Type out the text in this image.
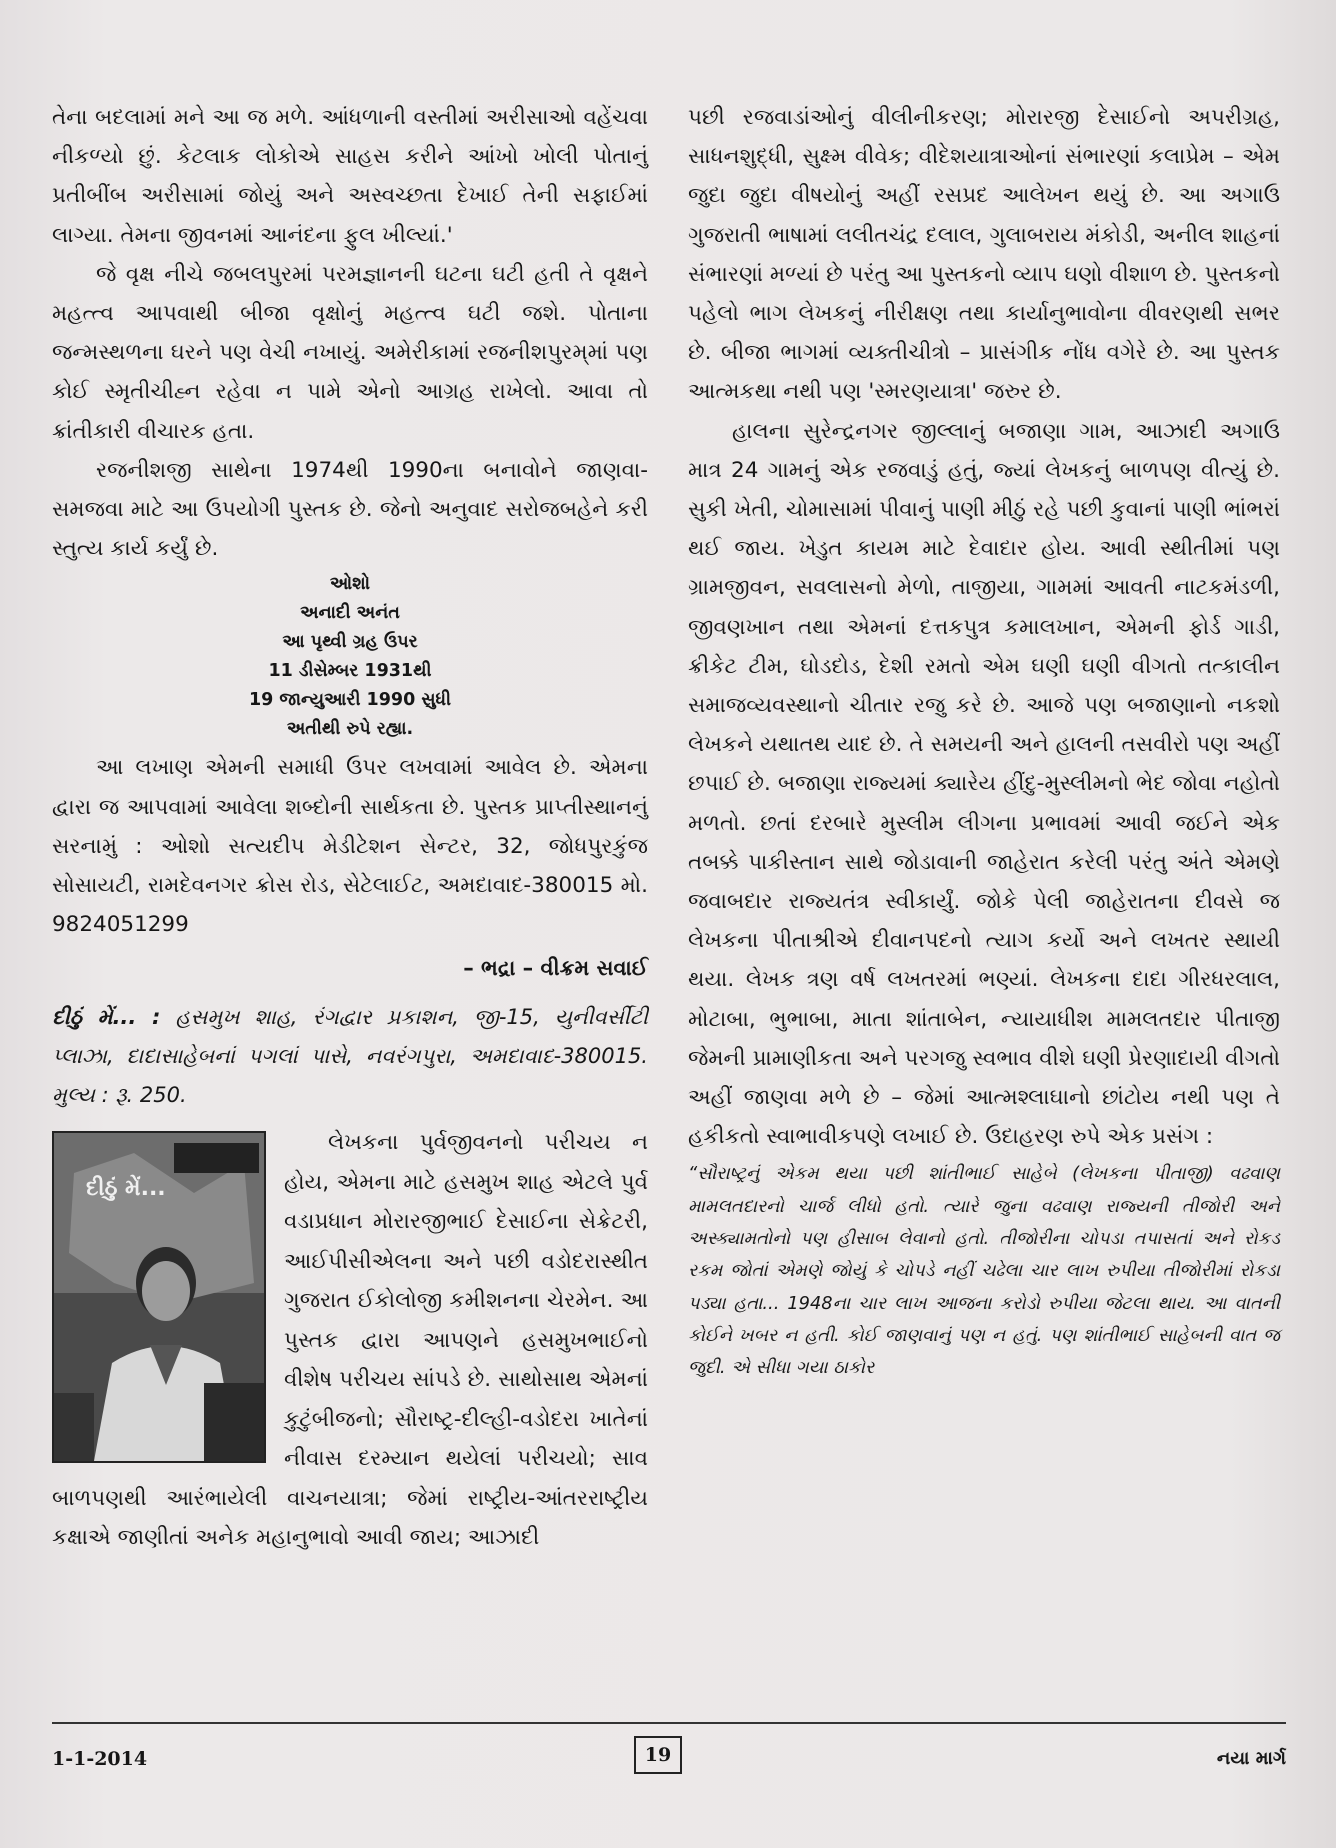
તેના બદલામાં મને આ જ મળે. આંધળાની વસ્તીમાં અરીસાઓ વહેંચવા નીકળ્યો છું. કેટલાક લોકોએ સાહસ કરીને આંખો ખોલી પોતાનું પ્રતીબીંબ અરીસામાં જોયું અને અસ્વચ્છતા દેખાઈ તેની સફાઈમાં લાગ્યા. તેમના જીવનમાં આનંદના ફુલ ખીલ્યાં.'

જે વૃક્ષ નીચે જબલપુરમાં પરમજ્ઞાનની ઘટના ઘટી હતી તે વૃક્ષને મહત્ત્વ આપવાથી બીજા વૃક્ષોનું મહત્ત્વ ઘટી જશે. પોતાના જન્મસ્થળના ઘરને પણ વેચી નખાયું. અમેરીકામાં રજનીશપુરમ્‌માં પણ કોઈ સ્મૃતીચીહ્ન રહેવા ન પામે એનો આગ્રહ રાખેલો. આવા તો ક્રાંતીકારી વીચારક હતા.

રજનીશજી સાથેના 1974થી 1990ના બનાવોને જાણવા-સમજવા માટે આ ઉપયોગી પુસ્તક છે. જેનો અનુવાદ સરોજબહેને કરી સ્તુત્ય કાર્ય કર્યું છે.

ઓશો
અનાદી અનંત
આ પૃથ્વી ગ્રહ ઉપર
11 ડીસેમ્બર 1931થી
19 જાન્યુઆરી 1990 સુધી
અતીથી રુપે રહ્યા.

આ લખાણ એમની સમાધી ઉપર લખવામાં આવેલ છે. એમના દ્વારા જ આપવામાં આવેલા શબ્દોની સાર્થકતા છે. પુસ્તક પ્રાપ્તીસ્થાનનું સરનામું : ઓશો સત્યદીપ મેડીટેશન સેન્ટર, 32, જોધપુરકુંજ સોસાયટી, રામદેવનગર ક્રોસ રોડ, સેટેલાઈટ, અમદાવાદ-380015 મો. 9824051299

– ભદ્રા – વીક્રમ સવાઈ
દીઠું મેં... : હસમુખ શાહ, રંગદ્વાર પ્રકાશન, જી-15, યુનીવર્સીટી પ્લાઝા, દાદાસાહેબનાં પગલાં પાસે, નવરંગપુરા, અમદાવાદ-380015. મુલ્ય : રૂ. 250.
દીઠું મેં...

લેખકના પુર્વજીવનનો પરીચય ન હોય, એમના માટે હસમુખ શાહ એટલે પુર્વ વડાપ્રધાન મોરારજીભાઈ દેસાઈના સેક્રેટરી, આઈપીસીએલના અને પછી વડોદરાસ્થીત ગુજરાત ઈકોલોજી કમીશનના ચેરમેન. આ પુસ્તક દ્વારા આપણને હસમુખભાઈનો વીશેષ પરીચય સાંપડે છે. સાથોસાથ એમનાં કુટુંબીજનો; સૌરાષ્ટ્ર-દીલ્હી-વડોદરા ખાતેનાં નીવાસ દરમ્યાન થયેલાં પરીચયો; સાવ બાળપણથી આરંભાયેલી વાચનયાત્રા; જેમાં રાષ્ટ્રીય-આંતરરાષ્ટ્રીય કક્ષાએ જાણીતાં અનેક મહાનુભાવો આવી જાય; આઝાદી

પછી રજવાડાંઓનું વીલીનીકરણ; મોરારજી દેસાઈનો અપરીગ્રહ, સાધનશુદ્ધી, સુક્ષ્મ વીવેક; વીદેશયાત્રાઓનાં સંભારણાં કલાપ્રેમ – એમ જુદા જુદા વીષયોનું અહીં રસપ્રદ આલેખન થયું છે. આ અગાઉ ગુજરાતી ભાષામાં લલીતચંદ્ર દલાલ, ગુલાબરાય મંકોડી, અનીલ શાહનાં સંભારણાં મળ્યાં છે પરંતુ આ પુસ્તકનો વ્યાપ ઘણો વીશાળ છે. પુસ્તકનો પહેલો ભાગ લેખકનું નીરીક્ષણ તથા કાર્યાનુભાવોના વીવરણથી સભર છે. બીજા ભાગમાં વ્યક્તીચીત્રો – પ્રાસંગીક નોંધ વગેરે છે. આ પુસ્તક આત્મકથા નથી પણ 'સ્મરણયાત્રા' જરુર છે.

હાલના સુરેન્દ્રનગર જીલ્લાનું બજાણા ગામ, આઝાદી અગાઉ માત્ર 24 ગામનું એક રજવાડું હતું, જ્યાં લેખકનું બાળપણ વીત્યું છે. સુકી ખેતી, ચોમાસામાં પીવાનું પાણી મીઠું રહે પછી કુવાનાં પાણી ભાંભરાં થઈ જાય. ખેડુત કાયમ માટે દેવાદાર હોય. આવી સ્થીતીમાં પણ ગ્રામજીવન, સવલાસનો મેળો, તાજીયા, ગામમાં આવતી નાટકમંડળી, જીવણખાન તથા એમનાં દત્તકપુત્ર કમાલખાન, એમની ફોર્ડ ગાડી, ક્રીકેટ ટીમ, ઘોડદોડ, દેશી રમતો એમ ઘણી ઘણી વીગતો તત્કાલીન સમાજવ્યવસ્થાનો ચીતાર રજુ કરે છે. આજે પણ બજાણાનો નકશો લેખકને યથાતથ યાદ છે. તે સમયની અને હાલની તસવીરો પણ અહીં છપાઈ છે. બજાણા રાજ્યમાં ક્યારેય હીંદુ-મુસ્લીમનો ભેદ જોવા નહોતો મળતો. છતાં દરબારે મુસ્લીમ લીગના પ્રભાવમાં આવી જઈને એક તબક્કે પાકીસ્તાન સાથે જોડાવાની જાહેરાત કરેલી પરંતુ અંતે એમણે જવાબદાર રાજ્યતંત્ર સ્વીકાર્યું. જોકે પેલી જાહેરાતના દીવસે જ લેખકના પીતાશ્રીએ દીવાનપદનો ત્યાગ કર્યો અને લખતર સ્થાયી થયા. લેખક ત્રણ વર્ષ લખતરમાં ભણ્યાં. લેખકના દાદા ગીરધરલાલ, મોટાબા, ભુભાબા, માતા શાંતાબેન, ન્યાયાધીશ મામલતદાર પીતાજી જેમની પ્રામાણીકતા અને પરગજુ સ્વભાવ વીશે ઘણી પ્રેરણાદાયી વીગતો અહીં જાણવા મળે છે – જેમાં આત્મશ્લાઘાનો છાંટોય નથી પણ તે હકીકતો સ્વાભાવીકપણે લખાઈ છે. ઉદાહરણ રુપે એક પ્રસંગ :

“સૌરાષ્ટ્રનું એકમ થયા પછી શાંતીભાઈ સાહેબે (લેખકના પીતાજી) વઢવાણ મામલતદારનો ચાર્જ લીધો હતો. ત્યારે જુના વઢવાણ રાજ્યની તીજોરી અને અસ્ક્યામતોનો પણ હીસાબ લેવાનો હતો. તીજોરીના ચોપડા તપાસતાં અને રોકડ રકમ જોતાં એમણે જોયું કે ચોપડે નહીં ચઢેલા ચાર લાખ રુપીયા તીજોરીમાં રોકડા પડ્યા હતા... 1948ના ચાર લાખ આજના કરોડો રુપીયા જેટલા થાય. આ વાતની કોઈને ખબર ન હતી. કોઈ જાણવાનું પણ ન હતું. પણ શાંતીભાઈ સાહેબની વાત જ જુદી. એ સીધા ગયા ઠાકોર

1-1-2014	19	નયા માર્ગ
